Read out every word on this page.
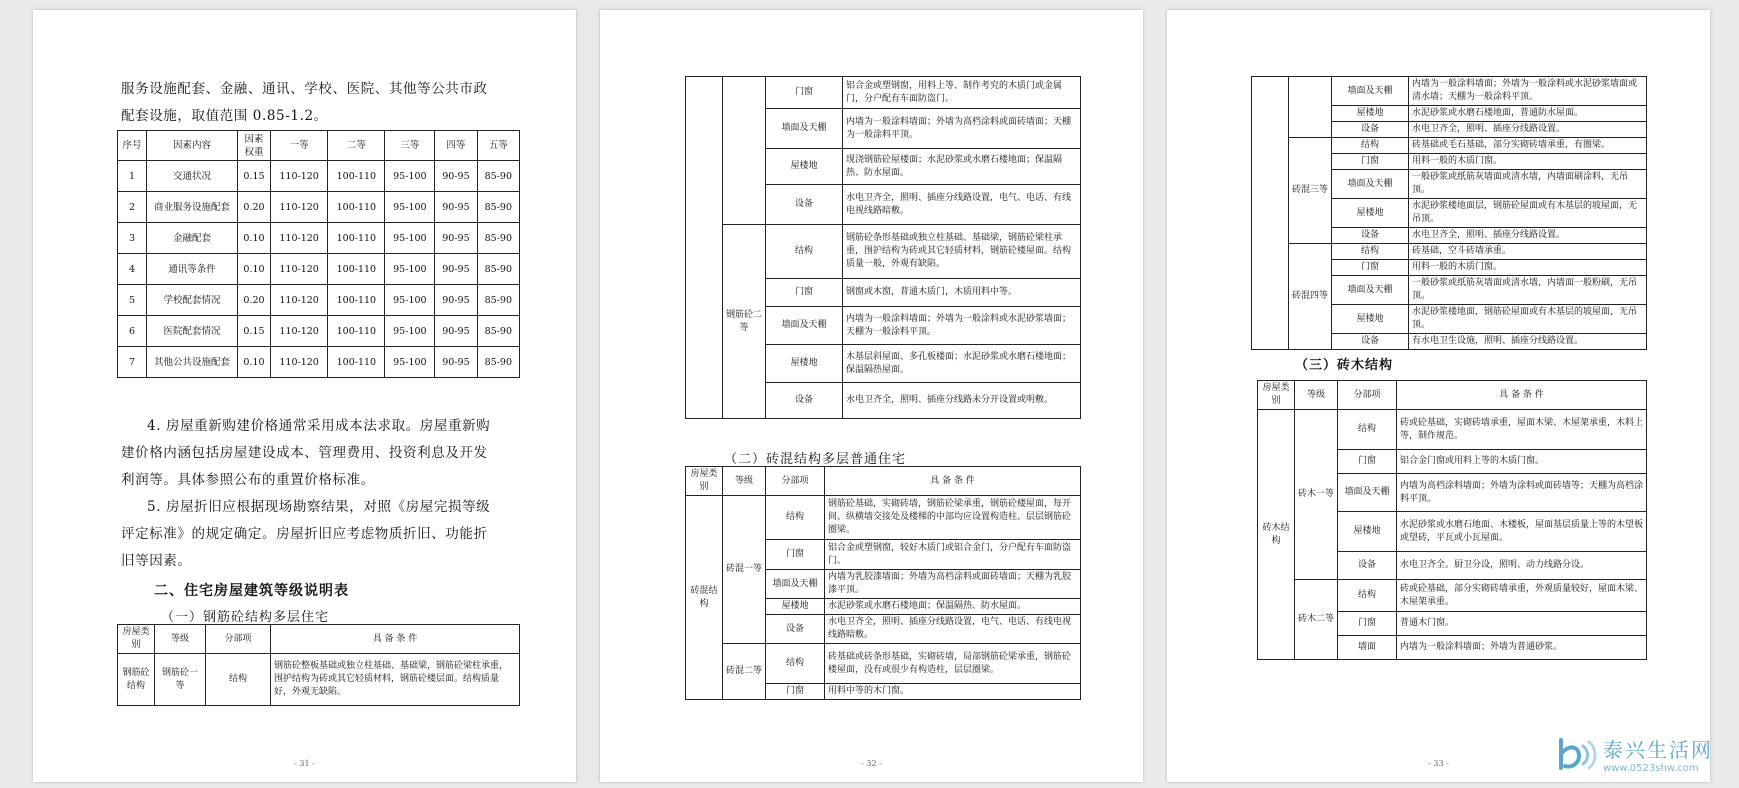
服务设施配套、金融、通讯、学校、医院、其他等公共市政
配套设施，取值范围 0.85-1.2。
序号	因素内容	因素权重	一等	二等	三等	四等	五等
1	交通状况	0.15	110-120	100-110	95-100	90-95	85-90
2	商业服务设施配套	0.20	110-120	100-110	95-100	90-95	85-90
3	金融配套	0.10	110-120	100-110	95-100	90-95	85-90
4	通讯等条件	0.10	110-120	100-110	95-100	90-95	85-90
5	学校配套情况	0.20	110-120	100-110	95-100	90-95	85-90
6	医院配套情况	0.15	110-120	100-110	95-100	90-95	85-90
7	其他公共设施配套	0.10	110-120	100-110	95-100	90-95	85-90
4. 房屋重新购建价格通常采用成本法求取。房屋重新购
建价格内涵包括房屋建设成本、管理费用、投资利息及开发
利润等。具体参照公布的重置价格标准。
5. 房屋折旧应根据现场勘察结果，对照《房屋完损等级
评定标准》的规定确定。房屋折旧应考虑物质折旧、功能折
旧等因素。
二、住宅房屋建筑等级说明表
（一）钢筋砼结构多层住宅
房屋类别	等级	分部项	具 备 条 件
钢筋砼结构	钢筋砼一等	结构	钢筋砼整板基础或独立柱基础、基础梁，钢筋砼梁柱承重，围护结构为砖或其它轻质材料，钢筋砼楼层面。结构质量好，外观无缺陷。
- 31 -
		门窗	铝合金或塑钢窗，用料上等、制作考究的木质门或金属门，分户配有车面防盗门。
		墙面及天棚	内墙为一般涂料墙面；外墙为高档涂料或面砖墙面；天棚为一般涂料平顶。
		屋楼地	现浇钢筋砼屋楼面；水泥砂浆或水磨石楼地面；保温隔热、防水屋面。
		设备	水电卫齐全，照明、插座分线路设置，电气、电话、有线电视线路暗敷。
	钢筋砼二等	结构	钢筋砼条形基础或独立柱基础、基础梁，钢筋砼梁柱承重，围护结构为砖或其它轻质材料，钢筋砼楼屋面。结构质量一般，外观有缺陷。
		门窗	钢窗或木窗，普通木质门，木质用料中等。
		墙面及天棚	内墙为一般涂料墙面；外墙为一般涂料或水泥砂浆墙面；天棚为一般涂料平顶。
		屋楼地	木基层斜屋面、多孔板楼面；水泥砂浆或水磨石楼地面；保温隔热屋面。
		设备	水电卫齐全，照明、插座分线路未分开设置或明敷。
（二）砖混结构多层普通住宅
房屋类别	等级	分部项	具 备 条 件
砖混结构	砖混一等	结构	钢筋砼基础，实砌砖墙，钢筋砼梁承重，钢筋砼楼屋面，每开间、纵横墙交接处及楼梯的中部均应设置构造柱、层层钢筋砼圈梁。
		门窗	铝合金或塑钢窗，较好木质门或铝合金门，分户配有车面防盗门。
		墙面及天棚	内墙为乳胶漆墙面；外墙为高档涂料或面砖墙面；天棚为乳胶漆平顶。
		屋楼地	水泥砂浆或水磨石楼地面；保温隔热、防水屋面。
		设备	水电卫齐全，照明、插座分线路设置，电气、电话、有线电视线路暗敷。
	砖混二等	结构	砖基础或砖条形基础，实砌砖墙，局部钢筋砼梁承重，钢筋砼楼屋面，没有或很少有构造柱，层层圈梁。
		门窗	用料中等的木门窗。
- 32 -
		墙面及天棚	内墙为一般涂料墙面；外墙为一般涂料或水泥砂浆墙面或清水墙；天棚为一般涂料平顶。
		屋楼地	水泥砂浆或水磨石楼地面，普通防水屋面。
		设备	水电卫齐全，照明、插座分线路设置。
	砖混三等	结构	砖基础或毛石基础，部分实砌砖墙承重，有圈梁。
		门窗	用料一般的木质门窗。
		墙面及天棚	一般砂浆或纸筋灰墙面或清水墙，内墙面刷涂料，无吊顶。
		屋楼地	水泥砂浆楼地面层，钢筋砼屋面或有木基层的坡屋面，无吊顶。
		设备	水电卫齐全，照明、插座分线路设置。
	砖混四等	结构	砖基础，空斗砖墙承重。
		门窗	用料一般的木质门窗。
		墙面及天棚	一般砂浆或纸筋灰墙面或清水墙，内墙面一般粉刷，无吊顶。
		屋楼地	水泥砂浆楼地面，钢筋砼屋面或有木基层的坡屋面，无吊顶。
		设备	有水电卫生设施，照明、插座分线路设置。
（三）砖木结构
房屋类别	等级	分部项	具 备 条 件
砖木结构	砖木一等	结构	砖或砼基础，实砌砖墙承重，屋面木梁、木屋架承重，木料上等，制作规范。
		门窗	铝合金门窗或用料上等的木质门窗。
		墙面及天棚	内墙为高档涂料墙面；外墙为涂料或面砖墙等；天棚为高档涂料平顶。
		屋楼地	水泥砂浆或水磨石地面、木楼板，屋面基层质量上等的木望板或望砖，平瓦或小瓦屋面。
		设备	水电卫齐全。厨卫分设，照明、动力线路分设。
	砖木二等	结构	砖或砼基础，部分实砌砖墙承重，外观质量较好，屋面木梁、木屋架承重。
		门窗	普通木门窗。
		墙面	内墙为一般涂料墙面；外墙为普通砂浆。
- 33 -
泰兴生活网
www.0523shw.com
